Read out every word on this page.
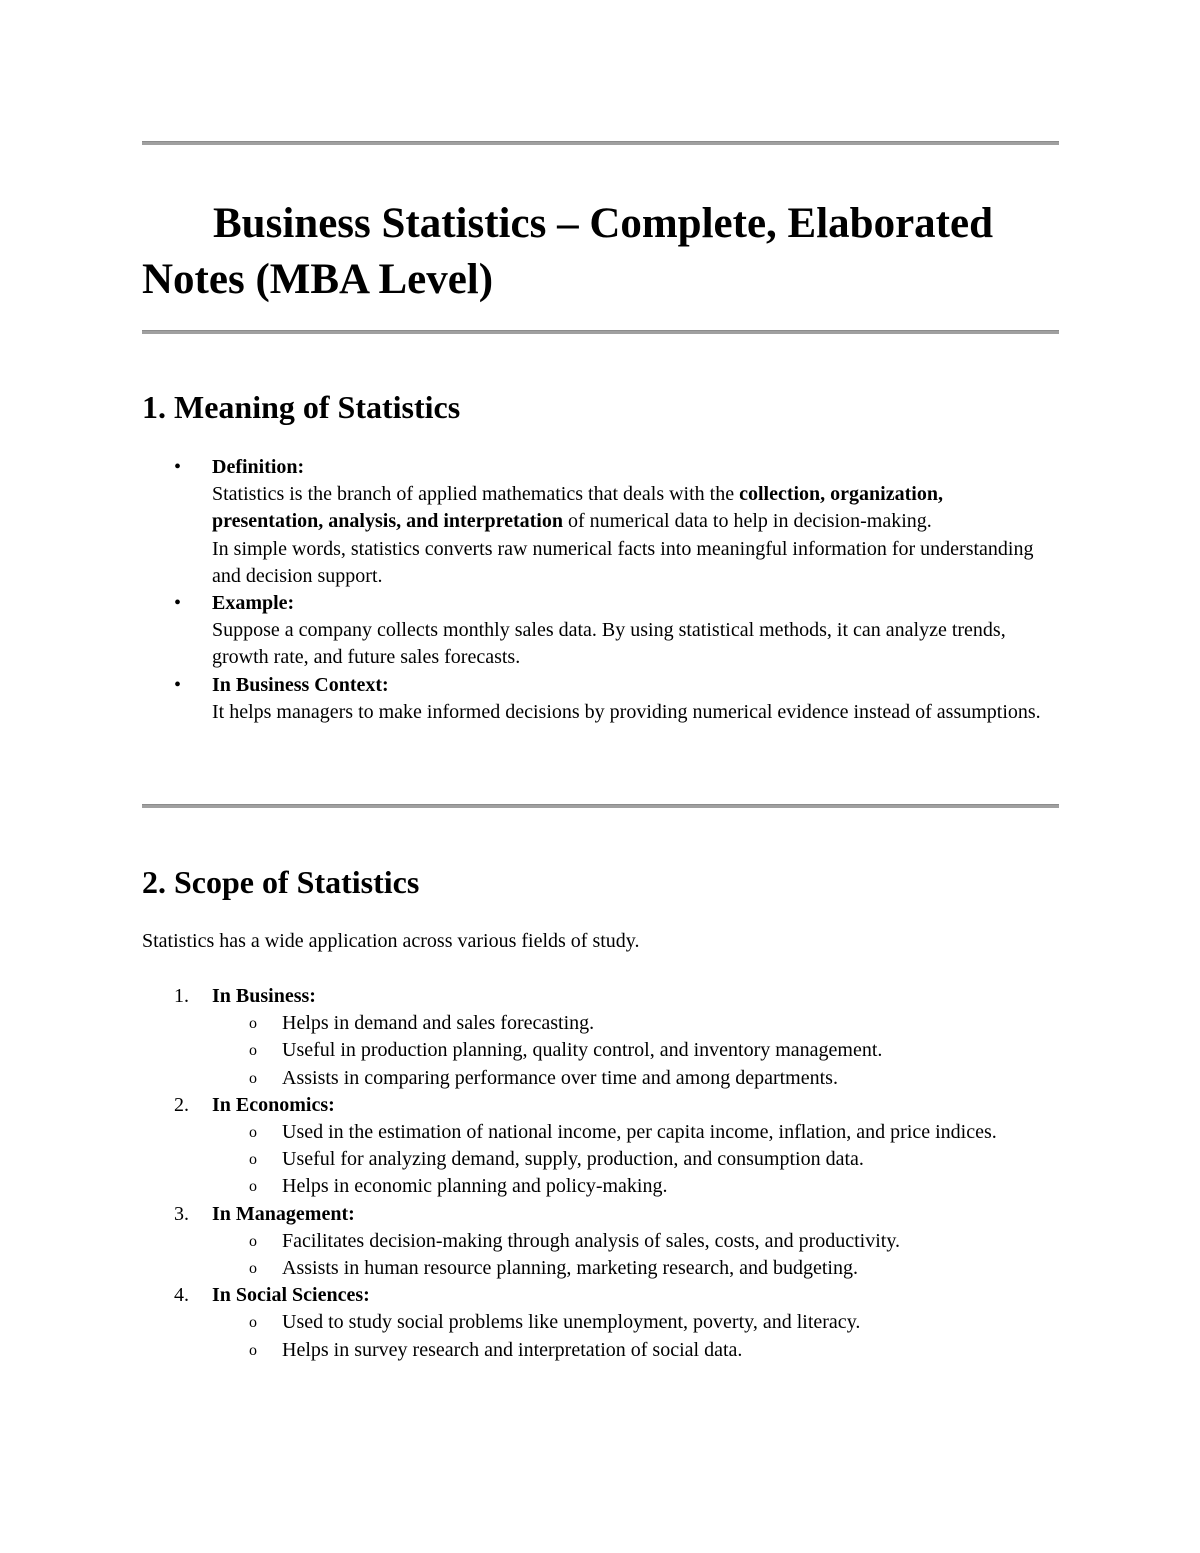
Business Statistics – Complete, Elaborated Notes (MBA Level)
1. Meaning of Statistics
• Definition:

Statistics is the branch of applied mathematics that deals with the collection, organization, presentation, analysis, and interpretation of numerical data to help in decision-making.

In simple words, statistics converts raw numerical facts into meaningful information for understanding and decision support.

• Example:

Suppose a company collects monthly sales data. By using statistical methods, it can analyze trends, growth rate, and future sales forecasts.

• In Business Context:

It helps managers to make informed decisions by providing numerical evidence instead of assumptions.

2. Scope of Statistics

Statistics has a wide application across various fields of study.

1.	In Business:
o Helps in demand and sales forecasting.
o Useful in production planning, quality control, and inventory management.
o Assists in comparing performance over time and among departments.
2.	In Economics:
o Used in the estimation of national income, per capita income, inflation, and price indices.
o Useful for analyzing demand, supply, production, and consumption data.
o Helps in economic planning and policy-making.
3.	In Management:
o Facilitates decision-making through analysis of sales, costs, and productivity.
o Assists in human resource planning, marketing research, and budgeting.
4.	In Social Sciences:
o Used to study social problems like unemployment, poverty, and literacy.
o Helps in survey research and interpretation of social data.
